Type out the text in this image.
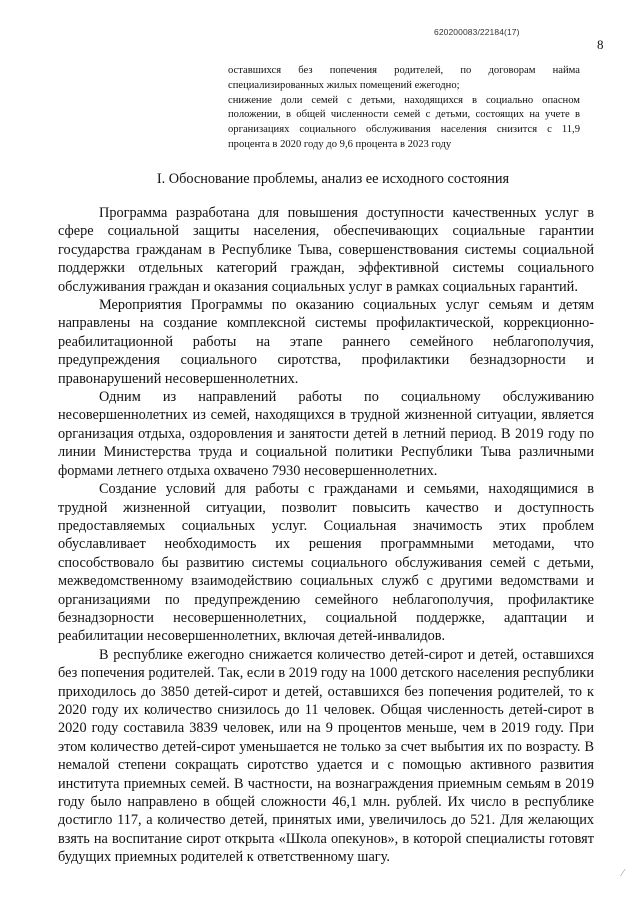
620200083/22184(17)
8

оставшихся без попечения родителей, по договорам найма специализированных жилых помещений ежегодно;

снижение доли семей с детьми, находящихся в социально опасном положении, в общей численности семей с детьми, состоящих на учете в организациях социального обслуживания населения снизится с 11,9 процента в 2020 году до 9,6 процента в 2023 году

I. Обоснование проблемы, анализ ее исходного состояния

Программа разработана для повышения доступности качественных услуг в сфере социальной защиты населения, обеспечивающих социальные гарантии государства гражданам в Республике Тыва, совершенствования системы социальной поддержки отдельных категорий граждан, эффективной системы социального обслуживания граждан и оказания социальных услуг в рамках социальных гарантий.

Мероприятия Программы по оказанию социальных услуг семьям и детям направлены на создание комплексной системы профилактической, коррекционно-реабилитационной работы на этапе раннего семейного неблагополучия, предупреждения социального сиротства, профилактики безнадзорности и правонарушений несовершеннолетних.

Одним из направлений работы по социальному обслуживанию несовершеннолетних из семей, находящихся в трудной жизненной ситуации, является организация отдыха, оздоровления и занятости детей в летний период. В 2019 году по линии Министерства труда и социальной политики Республики Тыва различными формами летнего отдыха охвачено 7930 несовершеннолетних.

Создание условий для работы с гражданами и семьями, находящимися в трудной жизненной ситуации, позволит повысить качество и доступность предоставляемых социальных услуг. Социальная значимость этих проблем обуславливает необходимость их решения программными методами, что способствовало бы развитию системы социального обслуживания семей с детьми, межведомственному взаимодействию социальных служб с другими ведомствами и организациями по предупреждению семейного неблагополучия, профилактике безнадзорности несовершеннолетних, социальной поддержке, адаптации и реабилитации несовершеннолетних, включая детей-инвалидов.

В республике ежегодно снижается количество детей-сирот и детей, оставшихся без попечения родителей. Так, если в 2019 году на 1000 детского населения республики приходилось до 3850 детей-сирот и детей, оставшихся без попечения родителей, то к 2020 году их количество снизилось до 11 человек. Общая численность детей-сирот в 2020 году составила 3839 человек, или на 9 процентов меньше, чем в 2019 году. При этом количество детей-сирот уменьшается не только за счет выбытия их по возрасту. В немалой степени сокращать сиротство удается и с помощью активного развития института приемных семей. В частности, на вознаграждения приемным семьям в 2019 году было направлено в общей сложности 46,1 млн. рублей. Их число в республике достигло 117, а количество детей, принятых ими, увеличилось до 521. Для желающих взять на воспитание сирот открыта «Школа опекунов», в которой специалисты готовят будущих приемных родителей к ответственному шагу.

⁄
